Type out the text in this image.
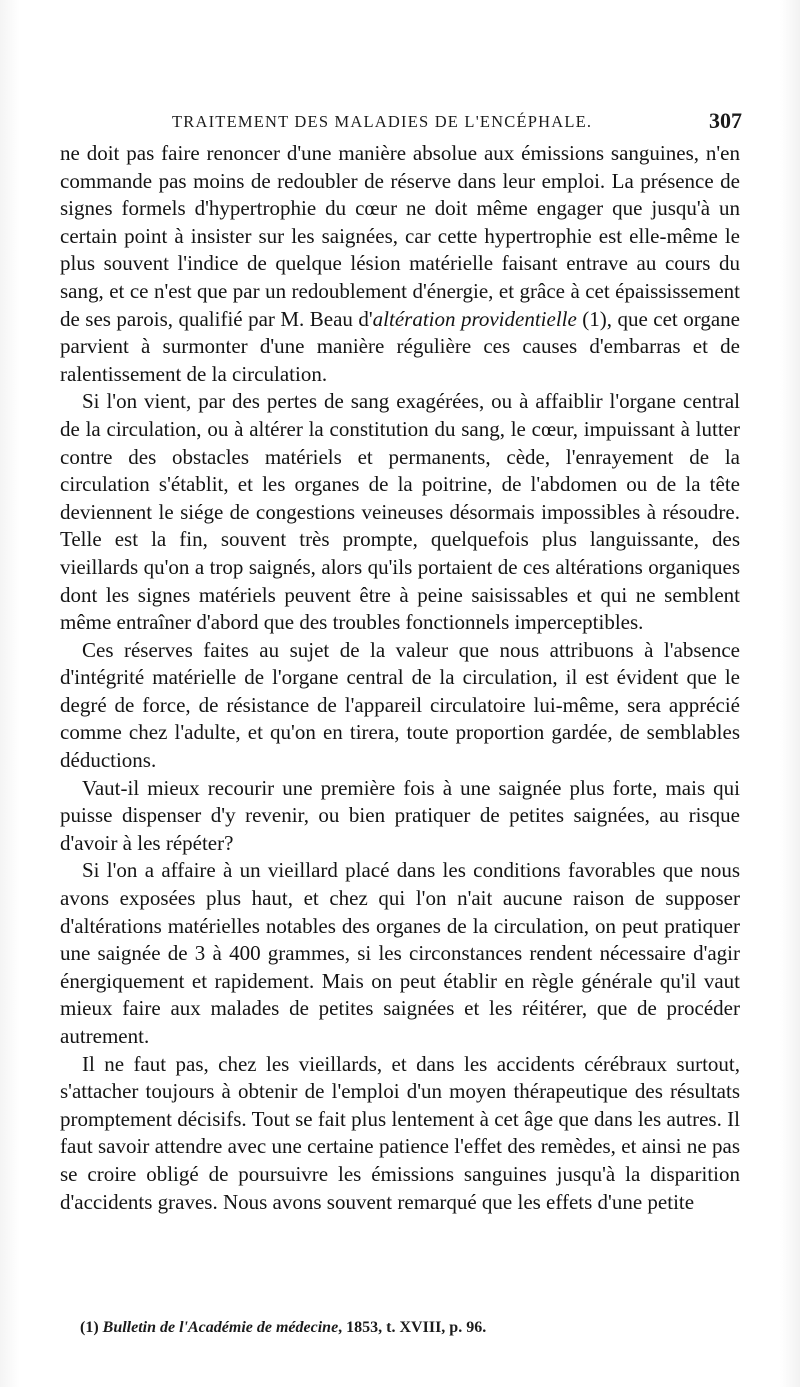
TRAITEMENT DES MALADIES DE L'ENCÉPHALE.	307

ne doit pas faire renoncer d'une manière absolue aux émissions sanguines, n'en commande pas moins de redoubler de réserve dans leur emploi. La présence de signes formels d'hypertrophie du cœur ne doit même engager que jusqu'à un certain point à insister sur les saignées, car cette hypertrophie est elle-même le plus souvent l'indice de quelque lésion matérielle faisant entrave au cours du sang, et ce n'est que par un redoublement d'énergie, et grâce à cet épaississement de ses parois, qualifié par M. Beau d'altération providentielle (1), que cet organe parvient à surmonter d'une manière régulière ces causes d'embarras et de ralentissement de la circulation.

Si l'on vient, par des pertes de sang exagérées, ou à affaiblir l'organe central de la circulation, ou à altérer la constitution du sang, le cœur, impuissant à lutter contre des obstacles matériels et permanents, cède, l'enrayement de la circulation s'établit, et les organes de la poitrine, de l'abdomen ou de la tête deviennent le siége de congestions veineuses désormais impossibles à résoudre. Telle est la fin, souvent très prompte, quelquefois plus languissante, des vieillards qu'on a trop saignés, alors qu'ils portaient de ces altérations organiques dont les signes matériels peuvent être à peine saisissables et qui ne semblent même entraîner d'abord que des troubles fonctionnels imperceptibles.

Ces réserves faites au sujet de la valeur que nous attribuons à l'absence d'intégrité matérielle de l'organe central de la circulation, il est évident que le degré de force, de résistance de l'appareil circulatoire lui-même, sera apprécié comme chez l'adulte, et qu'on en tirera, toute proportion gardée, de semblables déductions.

Vaut-il mieux recourir une première fois à une saignée plus forte, mais qui puisse dispenser d'y revenir, ou bien pratiquer de petites saignées, au risque d'avoir à les répéter?

Si l'on a affaire à un vieillard placé dans les conditions favorables que nous avons exposées plus haut, et chez qui l'on n'ait aucune raison de supposer d'altérations matérielles notables des organes de la circulation, on peut pratiquer une saignée de 3 à 400 grammes, si les circonstances rendent nécessaire d'agir énergiquement et rapidement. Mais on peut établir en règle générale qu'il vaut mieux faire aux malades de petites saignées et les réitérer, que de procéder autrement.

Il ne faut pas, chez les vieillards, et dans les accidents cérébraux surtout, s'attacher toujours à obtenir de l'emploi d'un moyen thérapeutique des résultats promptement décisifs. Tout se fait plus lentement à cet âge que dans les autres. Il faut savoir attendre avec une certaine patience l'effet des remèdes, et ainsi ne pas se croire obligé de poursuivre les émissions sanguines jusqu'à la disparition d'accidents graves. Nous avons souvent remarqué que les effets d'une petite

(1) Bulletin de l'Académie de médecine, 1853, t. XVIII, p. 96.
